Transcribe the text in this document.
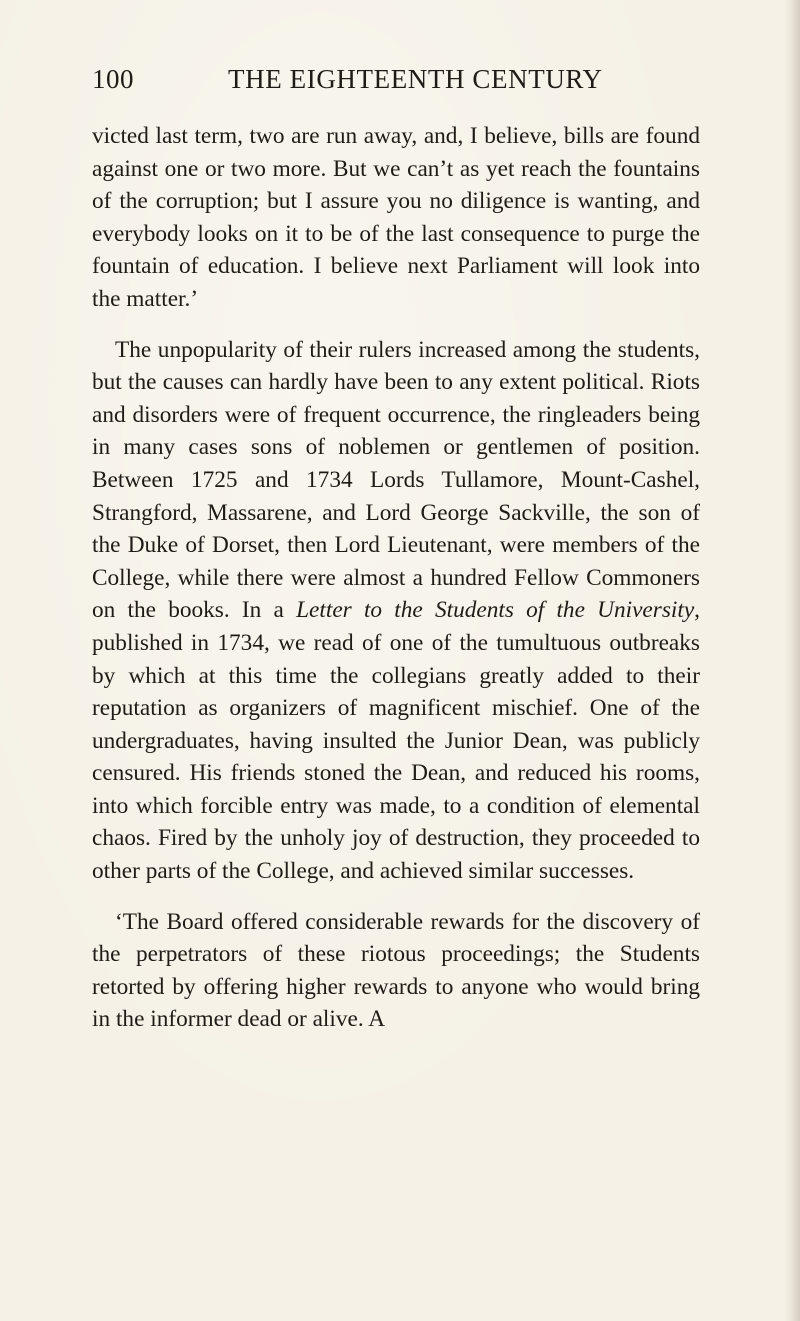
100	THE EIGHTEENTH CENTURY

victed last term, two are run away, and, I believe, bills are found against one or two more. But we can’t as yet reach the fountains of the corruption; but I assure you no diligence is wanting, and everybody looks on it to be of the last consequence to purge the fountain of education. I believe next Parliament will look into the matter.’

The unpopularity of their rulers increased among the students, but the causes can hardly have been to any extent political. Riots and disorders were of frequent occurrence, the ringleaders being in many cases sons of noblemen or gentlemen of position. Between 1725 and 1734 Lords Tullamore, Mount-Cashel, Strangford, Massarene, and Lord George Sackville, the son of the Duke of Dorset, then Lord Lieutenant, were members of the College, while there were almost a hundred Fellow Commoners on the books. In a Letter to the Students of the University, published in 1734, we read of one of the tumultuous outbreaks by which at this time the collegians greatly added to their reputation as organizers of magnificent mischief. One of the undergraduates, having insulted the Junior Dean, was publicly censured. His friends stoned the Dean, and reduced his rooms, into which forcible entry was made, to a condition of elemental chaos. Fired by the unholy joy of destruction, they proceeded to other parts of the College, and achieved similar successes.

‘The Board offered considerable rewards for the discovery of the perpetrators of these riotous proceedings; the Students retorted by offering higher rewards to anyone who would bring in the informer dead or alive. A
